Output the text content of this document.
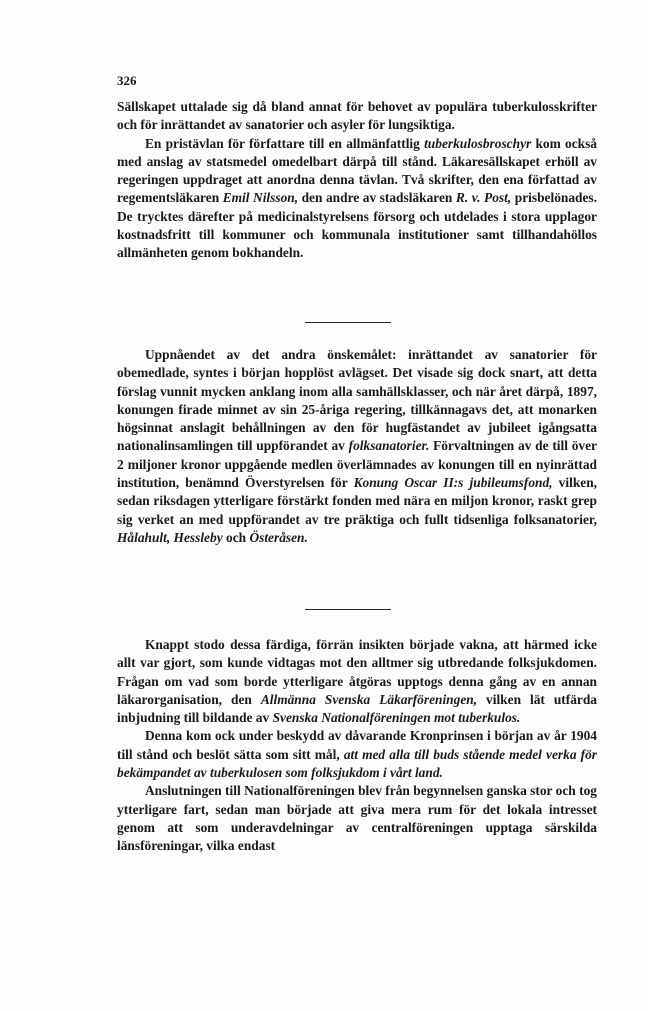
326

Sällskapet uttalade sig då bland annat för behovet av populära tuberkulosskrifter och för inrättandet av sanatorier och asyler för lungsiktiga.

En pristävlan för författare till en allmänfattlig tuberkulosbroschyr kom också med anslag av statsmedel omedelbart därpå till stånd. Läkaresällskapet erhöll av regeringen uppdraget att anordna denna tävlan. Två skrifter, den ena författad av regementsläkaren Emil Nilsson, den andre av stadsläkaren R. v. Post, prisbelönades. De trycktes därefter på medicinalstyrelsens försorg och utdelades i stora upplagor kostnadsfritt till kommuner och kommunala institutioner samt tillhandahöllos allmänheten genom bokhandeln.

Uppnåendet av det andra önskemålet: inrättandet av sanatorier för obemedlade, syntes i början hopplöst avlägset. Det visade sig dock snart, att detta förslag vunnit mycken anklang inom alla samhällsklasser, och när året därpå, 1897, konungen firade minnet av sin 25-åriga regering, tillkännagavs det, att monarken högsinnat anslagit behållningen av den för hugfästandet av jubileet igångsatta nationalinsamlingen till uppförandet av folksanatorier. Förvaltningen av de till över 2 miljoner kronor uppgående medlen överlämnades av konungen till en nyinrättad institution, benämnd Överstyrelsen för Konung Oscar II:s jubileumsfond, vilken, sedan riksdagen ytterligare förstärkt fonden med nära en miljon kronor, raskt grep sig verket an med uppförandet av tre präktiga och fullt tidsenliga folksanatorier, Hålahult, Hessleby och Österåsen.

Knappt stodo dessa färdiga, förrän insikten började vakna, att härmed icke allt var gjort, som kunde vidtagas mot den alltmer sig utbredande folksjukdomen. Frågan om vad som borde ytterligare åtgöras upptogs denna gång av en annan läkarorganisation, den Allmänna Svenska Läkarföreningen, vilken lät utfärda inbjudning till bildande av Svenska Nationalföreningen mot tuberkulos.

Denna kom ock under beskydd av dåvarande Kronprinsen i början av år 1904 till stånd och beslöt sätta som sitt mål, att med alla till buds stående medel verka för bekämpandet av tuberkulosen som folksjukdom i vårt land.

Anslutningen till Nationalföreningen blev från begynnelsen ganska stor och tog ytterligare fart, sedan man började att giva mera rum för det lokala intresset genom att som underavdelningar av centralföreningen upptaga särskilda länsföreningar, vilka endast
